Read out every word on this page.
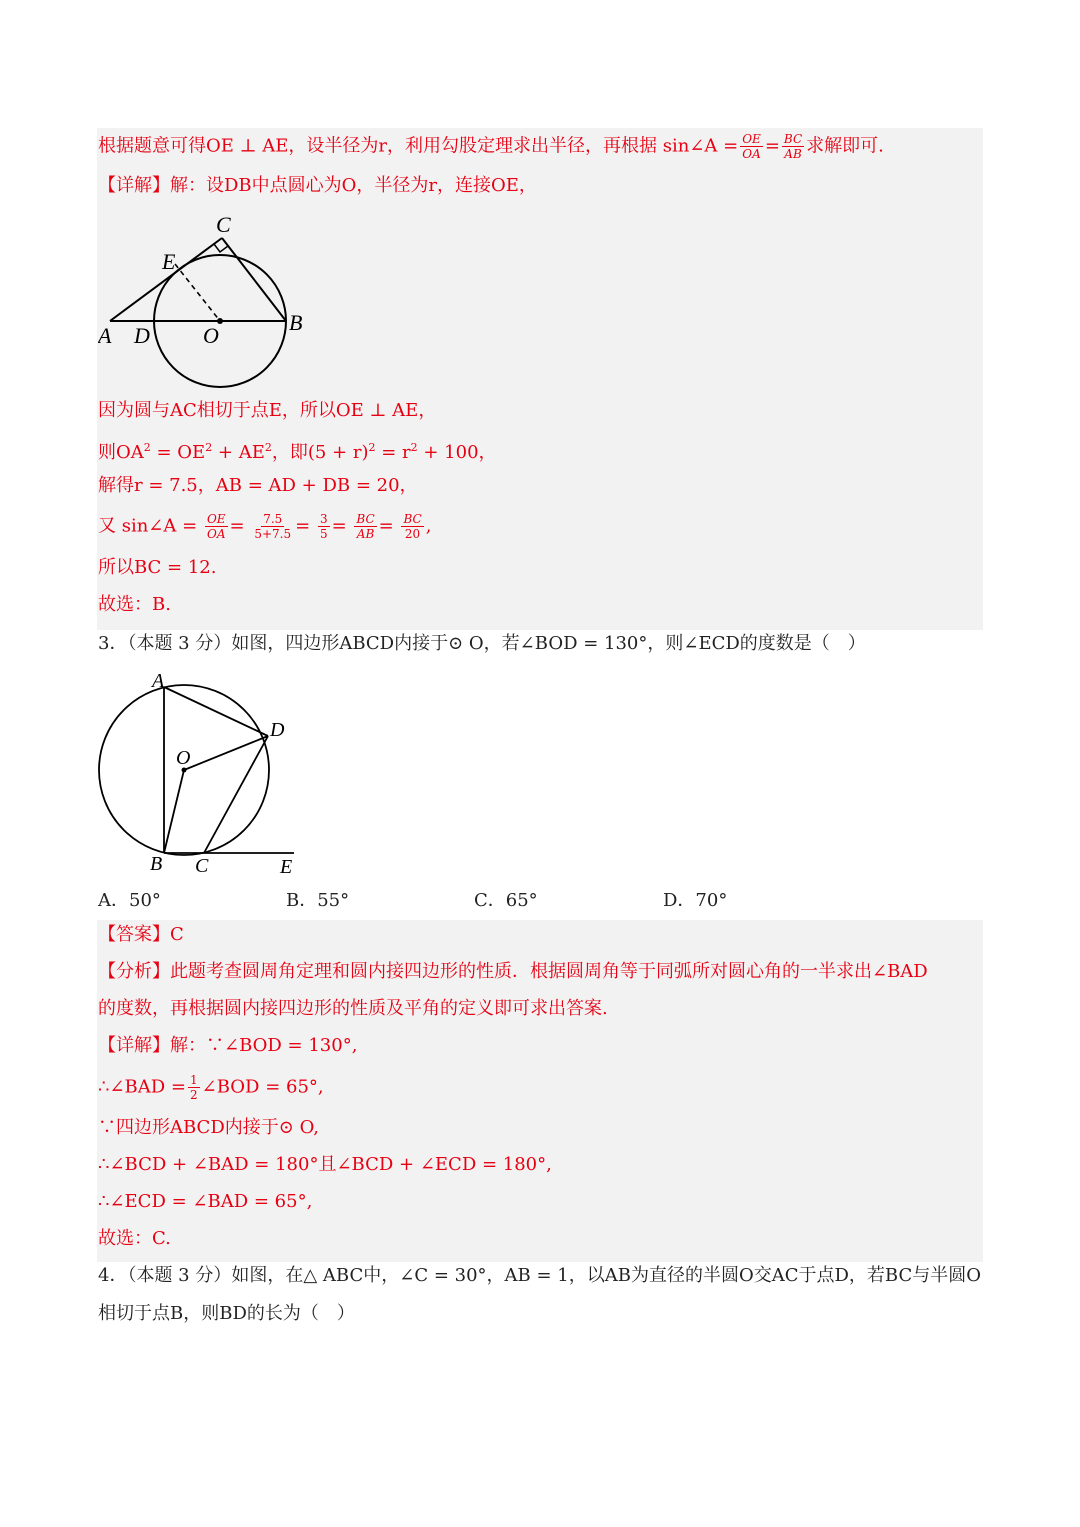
根据题意可得OE ⊥ AE，设半径为r，利用勾股定理求出半径，再根据 sin∠A = $\frac{OE}{OA} = \frac{BC}{AB}$ 求解即可.
【详解】解：设DB中点圆心为O，半径为r，连接OE，
C
E
A D O
B
因为圆与AC相切于点E，所以OE ⊥ AE，
则$OA^2 = OE^2 + AE^2$，即$(5 + r)^2 = r^2 + 100$，
解得r = 7.5，AB = AD + DB = 20，
又 sin∠A = $\frac{OE}{OA} = \frac{7.5}{5+7.5} = \frac{3}{5} = \frac{BC}{AB} = \frac{BC}{20}$ ,
所以BC = 12.
故选：B.
3．（本题 3 分）如图，四边形ABCD内接于⊙ O，若∠BOD = 130°，则∠ECD的度数是（　）
A
D
O
B C	E
A．50°	B．55°	C．65°	D．70°
【答案】C
【分析】此题考查圆周角定理和圆内接四边形的性质．根据圆周角等于同弧所对圆心角的一半求出∠BAD
的度数，再根据圆内接四边形的性质及平角的定义即可求出答案.
【详解】解：∵∠BOD = 130°,
∴∠BAD = $\frac{1}{2}$ ∠BOD = 65°,
∵四边形ABCD内接于⊙ O,
∴∠BCD + ∠BAD = 180°且∠BCD + ∠ECD = 180°,
∴∠ECD = ∠BAD = 65°,
故选：C.
4．（本题 3 分）如图，在△ ABC中，∠C = 30°，AB = 1，以AB为直径的半圆O交AC于点D，若BC与半圆O
相切于点B，则BD的长为（　）
